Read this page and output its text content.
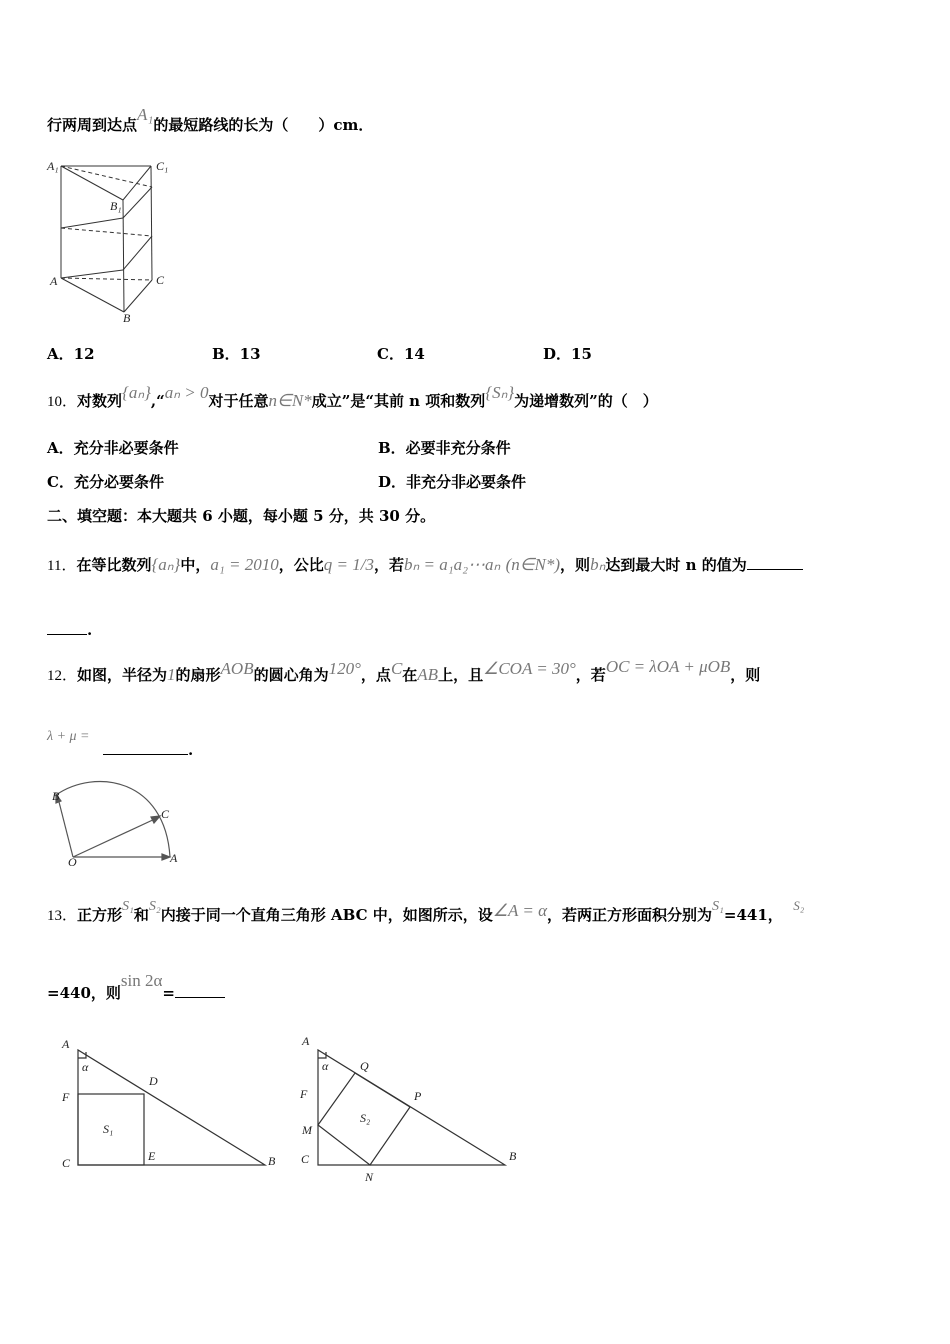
行两周到达点A₁的最短路线的长为（　　）cm．
A₁	C₁
B₁
A	C
B
O	A
B
C
A
α
F
D
S₁
C	E	B
A
α	Q
F	P
S₂
M
C
N
B
A．12	B．13	C．14	D．15
10．对数列{aₙ},“aₙ > 0对于任意n∈N*成立”是“其前 n 项和数列{Sₙ}为递增数列”的（　）
A．充分非必要条件	B．必要非充分条件
C．充分必要条件	D．非充分非必要条件
二、填空题：本大题共 6 小题，每小题 5 分，共 30 分。
11．在等比数列{aₙ}中，a₁ = 2010，公比q = 1/3，若bₙ = a₁a₂⋯aₙ (n∈N*)，则bₙ达到最大时 n 的值为
.
12．如图，半径为1的扇形AOB的圆心角为120°，点C在AB上，且∠COA = 30°，若OC = λOA + μOB，则
λ + μ =
.
13．正方形S₁和S₂内接于同一个直角三角形 ABC 中，如图所示，设∠A = α，若两正方形面积分别为S₁=441，  S₂
=440，则sin 2α=
